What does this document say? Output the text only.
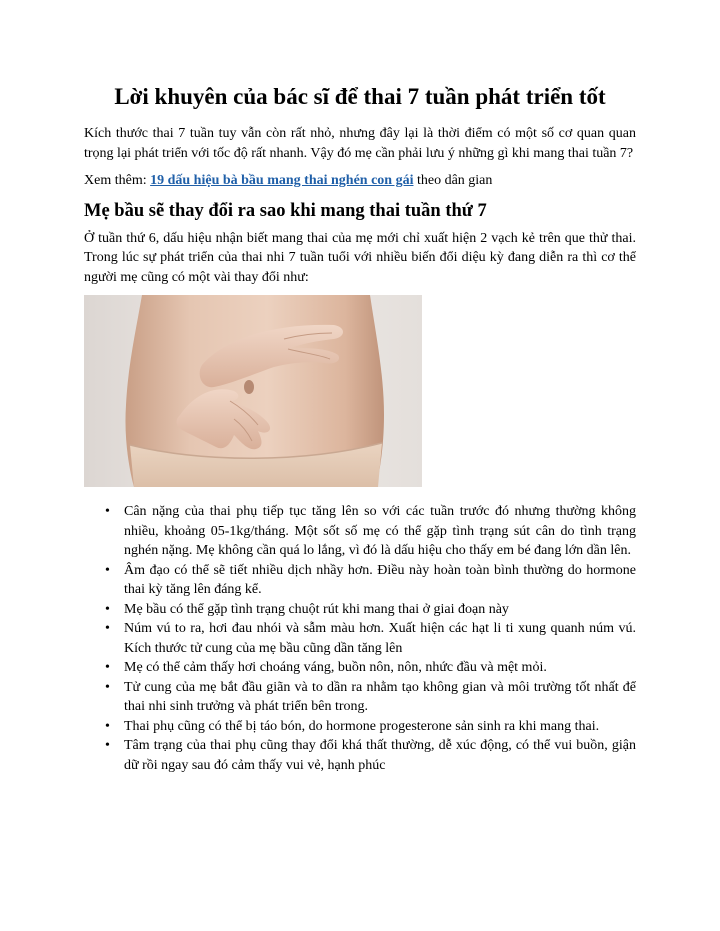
Lời khuyên của bác sĩ để thai 7 tuần phát triển tốt

Kích thước thai 7 tuần tuy vẫn còn rất nhỏ, nhưng đây lại là thời điểm có một số cơ quan quan trọng lại phát triển với tốc độ rất nhanh. Vậy đó mẹ cần phải lưu ý những gì khi mang thai tuần 7?

Xem thêm: 19 dấu hiệu bà bầu mang thai nghén con gái theo dân gian

Mẹ bầu sẽ thay đổi ra sao khi mang thai tuần thứ 7

Ở tuần thứ 6, dấu hiệu nhận biết mang thai của mẹ mới chỉ xuất hiện 2 vạch kẻ trên que thử thai. Trong lúc sự phát triển của thai nhi 7 tuần tuổi với nhiều biến đổi diệu kỳ đang diễn ra thì cơ thể người mẹ cũng có một vài thay đổi như:

• Cân nặng của thai phụ tiếp tục tăng lên so với các tuần trước đó nhưng thường không nhiều, khoảng 05-1kg/tháng. Một sốt số mẹ có thể gặp tình trạng sút cân do tình trạng nghén nặng. Mẹ không cần quá lo lắng, vì đó là dấu hiệu cho thấy em bé đang lớn dần lên.
• Âm đạo có thể sẽ tiết nhiều dịch nhầy hơn. Điều này hoàn toàn bình thường do hormone thai kỳ tăng lên đáng kể.
• Mẹ bầu có thể gặp tình trạng chuột rút khi mang thai ở giai đoạn này
• Núm vú to ra, hơi đau nhói và sẫm màu hơn. Xuất hiện các hạt li ti xung quanh núm vú. Kích thước tử cung của mẹ bầu cũng dần tăng lên
• Mẹ có thể cảm thấy hơi choáng váng, buồn nôn, nôn, nhức đầu và mệt mỏi.
• Tử cung của mẹ bắt đầu giãn và to dần ra nhằm tạo không gian và môi trường tốt nhất để thai nhi sinh trưởng và phát triển bên trong.
• Thai phụ cũng có thể bị táo bón, do hormone progesterone sản sinh ra khi mang thai.
• Tâm trạng của thai phụ cũng thay đổi khá thất thường, dễ xúc động, có thể vui buồn, giận dữ rồi ngay sau đó cảm thấy vui vẻ, hạnh phúc
